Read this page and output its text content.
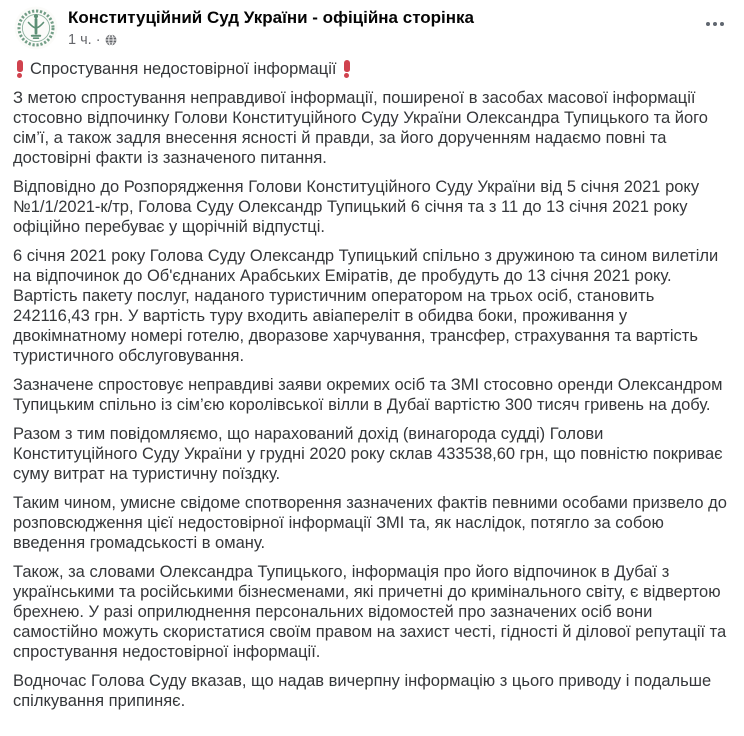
Конституційний Суд України - офіційна сторінка
1 ч. ·
Спростування недостовірної інформації

З метою спростування неправдивої інформації, поширеної в засобах масової інформації стосовно відпочинку Голови Конституційного Суду України Олександра Тупицького та його сім’ї, а також задля внесення ясності й правди, за його дорученням надаємо повні та достовірні факти із зазначеного питання.

Відповідно до Розпорядження Голови Конституційного Суду України від 5 січня 2021 року №1/1/2021-к/тр, Голова Суду Олександр Тупицький 6 січня та з 11 до 13 січня 2021 року офіційно перебуває у щорічній відпустці.

6 січня 2021 року Голова Суду Олександр Тупицький спільно з дружиною та сином вилетіли на відпочинок до Об'єднаних Арабських Еміратів, де пробудуть до 13 січня 2021 року. Вартість пакету послуг, наданого туристичним оператором на трьох осіб, становить 242116,43 грн. У вартість туру входить авіапереліт в обидва боки, проживання у двокімнатному номері готелю, дворазове харчування, трансфер, страхування та вартість туристичного обслуговування.

Зазначене спростовує неправдиві заяви окремих осіб та ЗМІ стосовно оренди Олександром Тупицьким спільно із сім’єю королівської вілли в Дубаї вартістю 300 тисяч гривень на добу.

Разом з тим повідомляємо, що нарахований дохід (винагорода судді) Голови Конституційного Суду України у грудні 2020 року склав 433538,60 грн, що повністю покриває суму витрат на туристичну поїздку.

Таким чином, умисне свідоме спотворення зазначених фактів певними особами призвело до розповсюдження цієї недостовірної інформації ЗМІ та, як наслідок, потягло за собою введення громадськості в оману.

Також, за словами Олександра Тупицького, інформація про його відпочинок в Дубаї з українськими та російськими бізнесменами, які причетні до кримінального світу, є відвертою брехнею. У разі оприлюднення персональних відомостей про зазначених осіб вони самостійно можуть скористатися своїм правом на захист честі, гідності й ділової репутації та спростування недостовірної інформації.

Водночас Голова Суду вказав, що надав вичерпну інформацію з цього приводу і подальше спілкування припиняє.
